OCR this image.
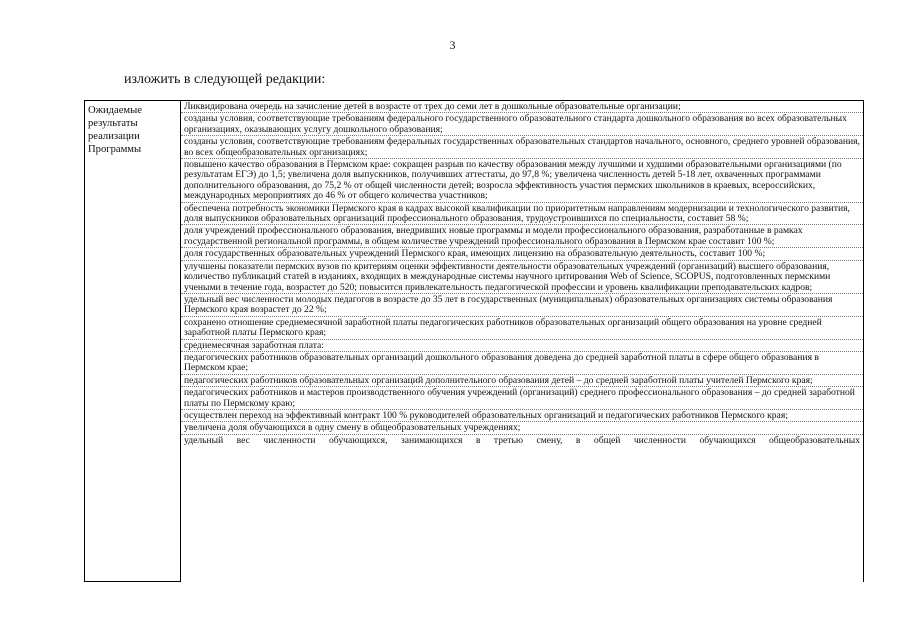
3
изложить в следующей редакции:
Ожидаемые результаты реализации Программы	
Ликвидирована очередь на зачисление детей в возрасте от трех до семи лет в дошкольные образовательные организации;
созданы условия, соответствующие требованиям федерального государственного образовательного стандарта дошкольного образования во всех образовательных организациях, оказывающих услугу дошкольного образования;
созданы условия, соответствующие требованиям федеральных государственных образовательных стандартов начального, основного, среднего уровней образования, во всех общеобразовательных организациях;
повышено качество образования в Пермском крае: сокращен разрыв по качеству образования между лучшими и худшими образовательными организациями (по результатам ЕГЭ) до 1,5; увеличена доля выпускников, получивших аттестаты, до 97,8 %; увеличена численность детей 5-18 лет, охваченных программами дополнительного образования, до 75,2 % от общей численности детей; возросла эффективность участия пермских школьников в краевых, всероссийских, международных мероприятиях до 46 % от общего количества участников;
обеспечена потребность экономики Пермского края в кадрах высокой квалификации по приоритетным направлениям модернизации и технологического развития, доля выпускников образовательных организаций профессионального образования, трудоустроившихся по специальности, составит 58 %;
доля учреждений профессионального образования, внедривших новые программы и модели профессионального образования, разработанные в рамках государственной региональной программы, в общем количестве учреждений профессионального образования в Пермском крае составит 100 %;
доля государственных образовательных учреждений Пермского края, имеющих лицензию на образовательную деятельность, составит 100 %;
улучшены показатели пермских вузов по критериям оценки эффективности деятельности образовательных учреждений (организаций) высшего образования, количество публикаций статей в изданиях, входящих в международные системы научного цитирования Web of Science, SCOPUS, подготовленных пермскими учеными в течение года, возрастет до 520; повысится привлекательность педагогической профессии и уровень квалификации преподавательских кадров;
удельный вес численности молодых педагогов в возрасте до 35 лет в государственных (муниципальных) образовательных организациях системы образования Пермского края возрастет до 22 %;
сохранено отношение среднемесячной заработной платы педагогических работников образовательных организаций общего образования на уровне средней заработной платы Пермского края;
среднемесячная заработная плата:
педагогических работников образовательных организаций дошкольного образования доведена до средней заработной платы в сфере общего образования в Пермском крае;
педагогических работников образовательных организаций дополнительного образования детей – до средней заработной платы учителей Пермского края;
педагогических работников и мастеров производственного обучения учреждений (организаций) среднего профессионального образования – до средней заработной платы по Пермскому краю;
осуществлен переход на эффективный контракт 100 % руководителей образовательных организаций и педагогических работников Пермского края;
увеличена доля обучающихся в одну смену в общеобразовательных учреждениях;
удельный вес численности обучающихся, занимающихся в третью смену, в общей численности обучающихся общеобразовательных
